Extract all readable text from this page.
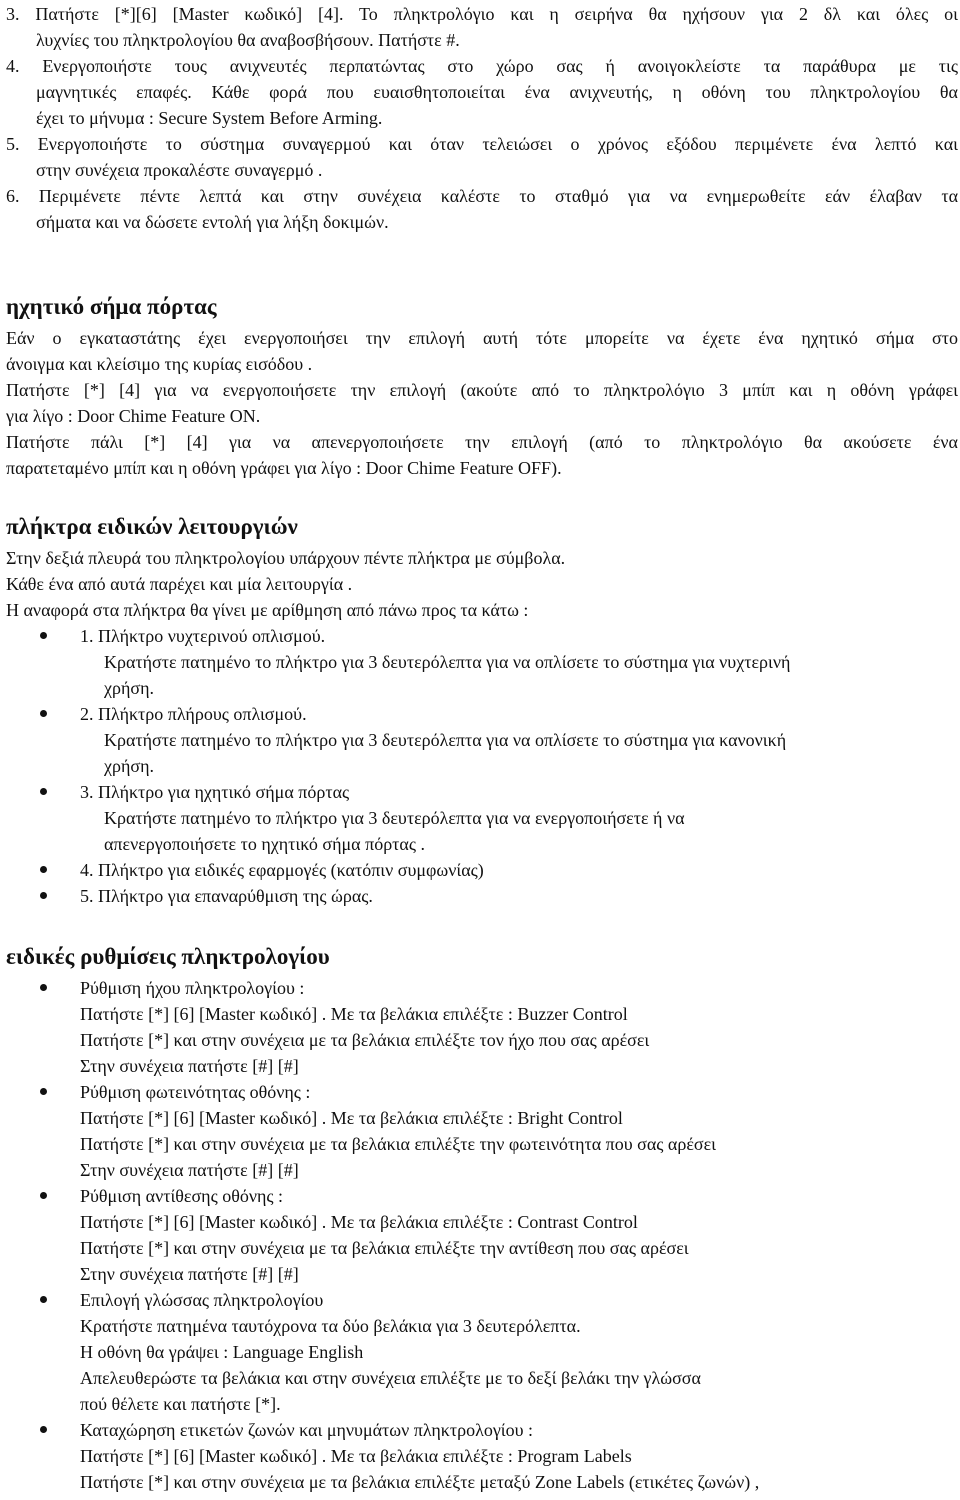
3. Πατήστε [*][6] [Master κωδικό] [4]. Το πληκτρολόγιο και η σειρήνα θα ηχήσουν για 2 δλ και όλες οι
λυχνίες του πληκτρολογίου θα αναβοσβήσουν. Πατήστε #.
4. Ενεργοποιήστε τους ανιχνευτές περπατώντας στο χώρο σας ή ανοιγοκλείστε τα παράθυρα με τις
μαγνητικές επαφές. Κάθε φορά που ευαισθητοποιείται ένα ανιχνευτής, η οθόνη του πληκτρολογίου θα
έχει το μήνυμα : Secure System Before Arming.
5. Ενεργοποιήστε το σύστημα συναγερμού και όταν τελειώσει ο χρόνος εξόδου περιμένετε ένα λεπτό και
στην συνέχεια προκαλέστε συναγερμό .
6. Περιμένετε πέντε λεπτά και στην συνέχεια καλέστε το σταθμό για να ενημερωθείτε εάν έλαβαν τα
σήματα και να δώσετε εντολή για λήξη δοκιμών.
ηχητικό σήμα πόρτας
Εάν ο εγκαταστάτης έχει ενεργοποιήσει την επιλογή αυτή τότε μπορείτε να έχετε ένα ηχητικό σήμα στο
άνοιγμα και κλείσιμο της κυρίας εισόδου .
Πατήστε [*] [4] για να ενεργοποιήσετε την επιλογή (ακούτε από το πληκτρολόγιο 3 μπίπ και η οθόνη γράφει
για λίγο : Door Chime Feature ON.
Πατήστε πάλι [*] [4] για να απενεργοποιήσετε την επιλογή (από το πληκτρολόγιο θα ακούσετε ένα
παρατεταμένο μπίπ και η οθόνη γράφει για λίγο : Door Chime Feature OFF).
πλήκτρα ειδικών λειτουργιών
Στην δεξιά πλευρά του πληκτρολογίου υπάρχουν πέντε πλήκτρα με σύμβολα.
Κάθε ένα από αυτά παρέχει και μία λειτουργία .
Η αναφορά στα πλήκτρα θα γίνει με αρίθμηση από πάνω προς τα κάτω :
1. Πλήκτρο νυχτερινού οπλισμού.
Κρατήστε πατημένο το πλήκτρο για 3 δευτερόλεπτα για να οπλίσετε το σύστημα για νυχτερινή
χρήση.
2. Πλήκτρο πλήρους οπλισμού.
Κρατήστε πατημένο το πλήκτρο για 3 δευτερόλεπτα για να οπλίσετε το σύστημα για κανονική
χρήση.
3. Πλήκτρο για ηχητικό σήμα πόρτας
Κρατήστε πατημένο το πλήκτρο για 3 δευτερόλεπτα για να ενεργοποιήσετε ή να
απενεργοποιήσετε το ηχητικό σήμα πόρτας .
4. Πλήκτρο για ειδικές εφαρμογές (κατόπιν συμφωνίας)
5. Πλήκτρο για επαναρύθμιση της ώρας.
ειδικές ρυθμίσεις πληκτρολογίου
Ρύθμιση ήχου πληκτρολογίου :
Πατήστε [*] [6] [Master κωδικό] . Με τα βελάκια επιλέξτε : Buzzer Control
Πατήστε [*] και στην συνέχεια με τα βελάκια επιλέξτε τον ήχο που σας αρέσει
Στην συνέχεια πατήστε [#] [#]
Ρύθμιση φωτεινότητας οθόνης :
Πατήστε [*] [6] [Master κωδικό] . Με τα βελάκια επιλέξτε : Bright Control
Πατήστε [*] και στην συνέχεια με τα βελάκια επιλέξτε την φωτεινότητα που σας αρέσει
Στην συνέχεια πατήστε [#] [#]
Ρύθμιση αντίθεσης οθόνης :
Πατήστε [*] [6] [Master κωδικό] . Με τα βελάκια επιλέξτε : Contrast Control
Πατήστε [*] και στην συνέχεια με τα βελάκια επιλέξτε την αντίθεση που σας αρέσει
Στην συνέχεια πατήστε [#] [#]
Επιλογή γλώσσας πληκτρολογίου
Κρατήστε πατημένα ταυτόχρονα τα δύο βελάκια για 3 δευτερόλεπτα.
Η οθόνη θα γράψει : Language English
Απελευθερώστε τα βελάκια και στην συνέχεια επιλέξτε με το δεξί βελάκι την γλώσσα
πού θέλετε και πατήστε [*].
Καταχώρηση ετικετών ζωνών και μηνυμάτων πληκτρολογίου :
Πατήστε [*] [6] [Master κωδικό] . Με τα βελάκια επιλέξτε : Program Labels
Πατήστε [*] και στην συνέχεια με τα βελάκια επιλέξτε μεταξύ Zone Labels (ετικέτες ζωνών) ,
